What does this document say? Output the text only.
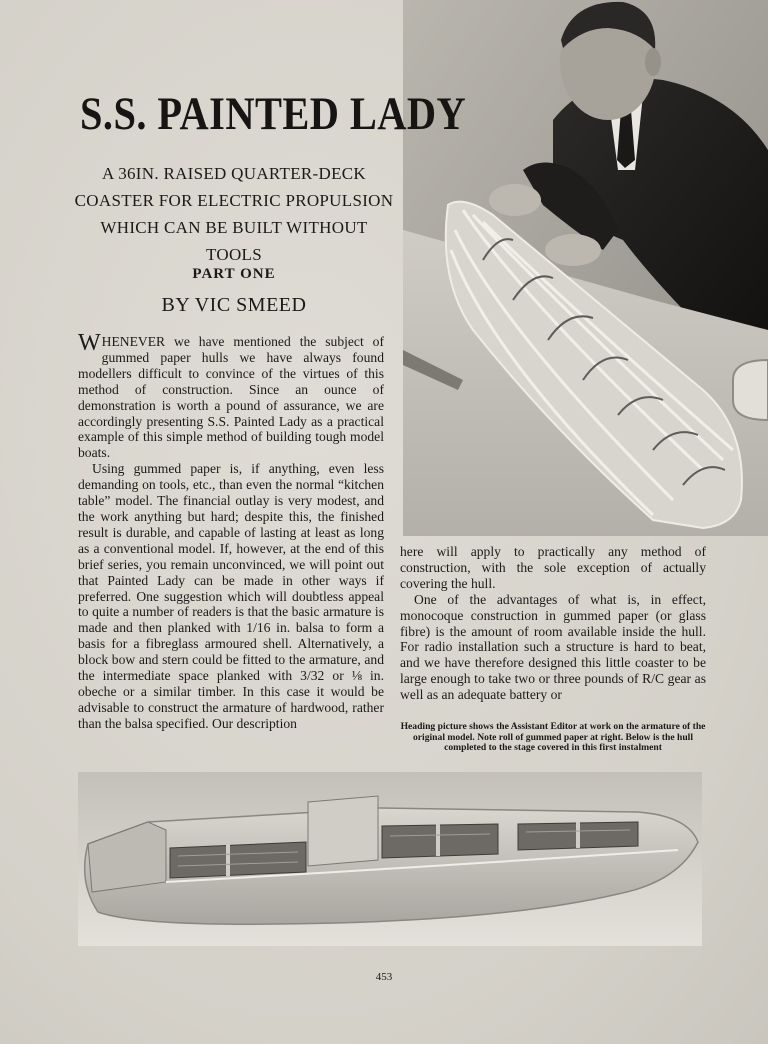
S.S. PAINTED LADY
A 36IN. RAISED QUARTER-DECK COASTER FOR ELECTRIC PROPULSION WHICH CAN BE BUILT WITHOUT TOOLS
PART ONE
BY VIC SMEED

WHENEVER we have mentioned the subject of gummed paper hulls we have always found modellers difficult to convince of the virtues of this method of construction. Since an ounce of demonstration is worth a pound of assurance, we are accordingly presenting S.S. Painted Lady as a practical example of this simple method of building tough model boats.

Using gummed paper is, if anything, even less demanding on tools, etc., than even the normal “kitchen table” model. The financial outlay is very modest, and the work anything but hard; despite this, the finished result is durable, and capable of lasting at least as long as a conventional model. If, however, at the end of this brief series, you remain unconvinced, we will point out that Painted Lady can be made in other ways if preferred. One suggestion which will doubtless appeal to quite a number of readers is that the basic armature is made and then planked with 1/16 in. balsa to form a basis for a fibreglass armoured shell. Alternatively, a block bow and stern could be fitted to the armature, and the intermediate space planked with 3/32 or ⅛ in. obeche or a similar timber. In this case it would be advisable to construct the armature of hardwood, rather than the balsa specified. Our description

here will apply to practically any method of construction, with the sole exception of actually covering the hull.

One of the advantages of what is, in effect, monocoque construction in gummed paper (or glass fibre) is the amount of room available inside the hull. For radio installation such a structure is hard to beat, and we have therefore designed this little coaster to be large enough to take two or three pounds of R/C gear as well as an adequate battery or

Heading picture shows the Assistant Editor at work on the armature of the original model. Note roll of gummed paper at right. Below is the hull completed to the stage covered in this first instalment
453
